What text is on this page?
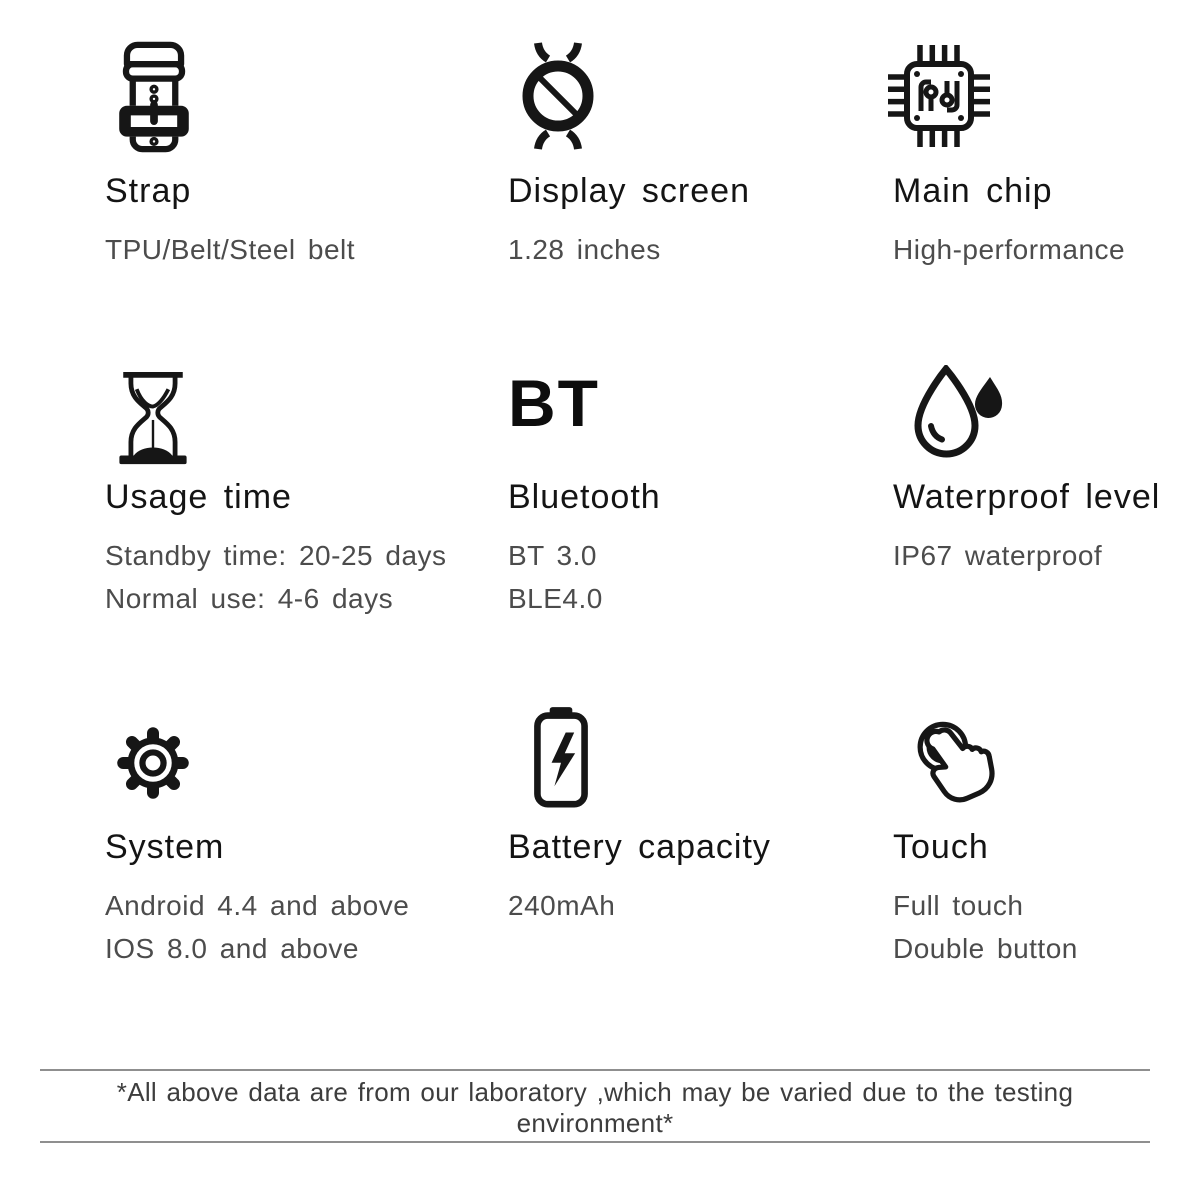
Strap
TPU/Belt/Steel belt
Display screen
1.28 inches
Main chip
High-performance
Usage time
Standby time: 20-25 days
Normal use: 4-6 days
BT
Bluetooth
BT 3.0
BLE4.0
Waterproof level
IP67 waterproof
System
Android 4.4 and above
IOS 8.0 and above
Battery capacity
240mAh
Touch
Full touch
Double button
*All above data are from our laboratory ,which may be varied due to the testing environment*
